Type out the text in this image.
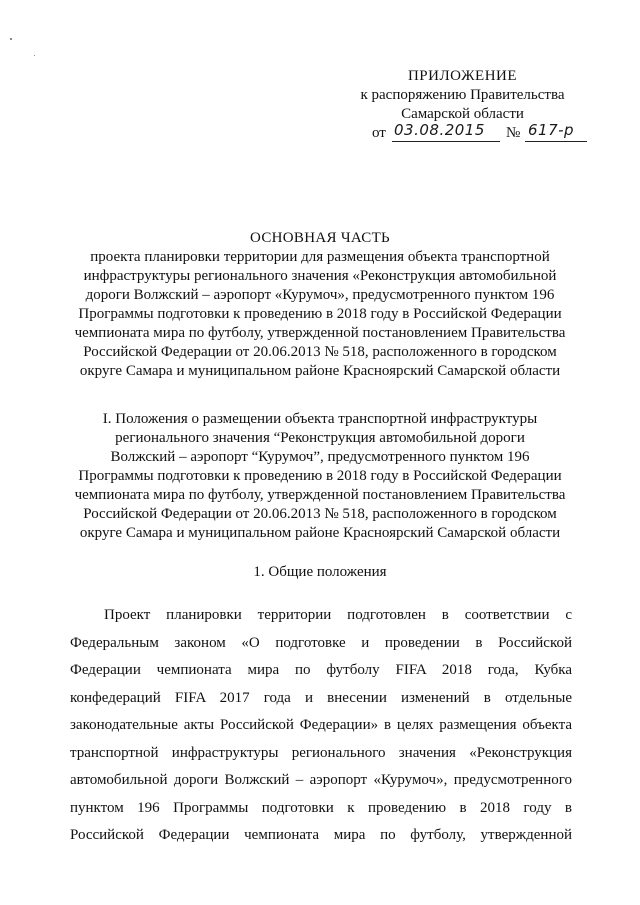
ПРИЛОЖЕНИЕ
к распоряжению Правительства
Самарской области
от 03.08.2015 № 617-р
ОСНОВНАЯ ЧАСТЬ
проекта планировки территории для размещения объекта транспортной
инфраструктуры регионального значения «Реконструкция автомобильной
дороги Волжский – аэропорт «Курумоч», предусмотренного пунктом 196
Программы подготовки к проведению в 2018 году в Российской Федерации
чемпионата мира по футболу, утвержденной постановлением Правительства
Российской Федерации от 20.06.2013 № 518, расположенного в городском
округе Самара и муниципальном районе Красноярский Самарской области
I. Положения о размещении объекта транспортной инфраструктуры
регионального значения “Реконструкция автомобильной дороги
Волжский – аэропорт “Курумоч”, предусмотренного пунктом 196
Программы подготовки к проведению в 2018 году в Российской Федерации
чемпионата мира по футболу, утвержденной постановлением Правительства
Российской Федерации от 20.06.2013 № 518, расположенного в городском
округе Самара и муниципальном районе Красноярский Самарской области
1. Общие положения
Проект планировки территории подготовлен в соответствии с
Федеральным законом «О подготовке и проведении в Российской
Федерации чемпионата мира по футболу FIFA 2018 года, Кубка
конфедераций FIFA 2017 года и внесении изменений в отдельные
законодательные акты Российской Федерации» в целях размещения объекта
транспортной инфраструктуры регионального значения «Реконструкция
автомобильной дороги Волжский – аэропорт «Курумоч», предусмотренного
пунктом 196 Программы подготовки к проведению в 2018 году в
Российской Федерации чемпионата мира по футболу, утвержденной
